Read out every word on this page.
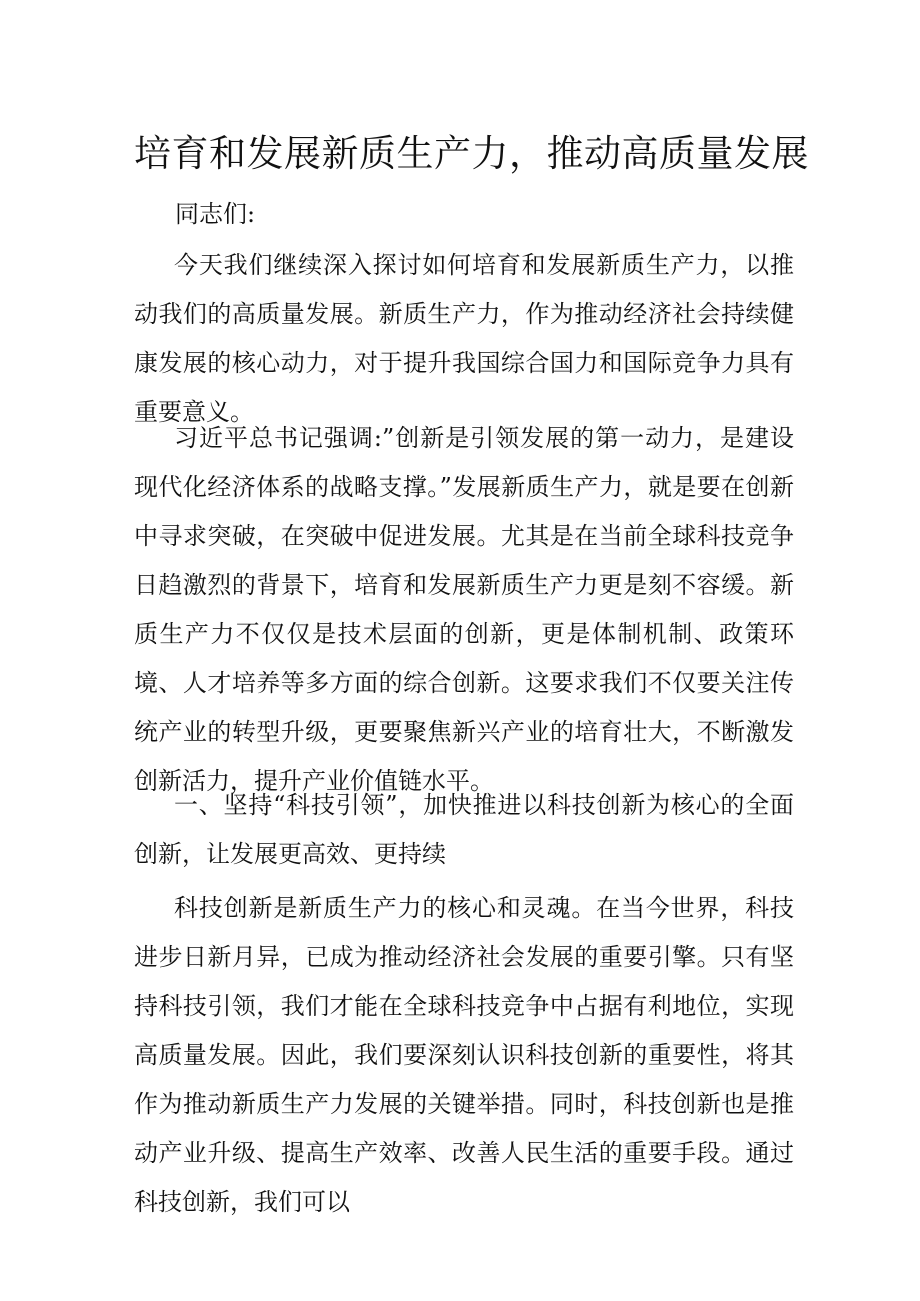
培育和发展新质生产力，推动高质量发展

同志们:

今天我们继续深入探讨如何培育和发展新质生产力，以推动我们的高质量发展。新质生产力，作为推动经济社会持续健康发展的核心动力，对于提升我国综合国力和国际竞争力具有重要意义。

习近平总书记强调:”创新是引领发展的第一动力，是建设现代化经济体系的战略支撑。”发展新质生产力，就是要在创新中寻求突破，在突破中促进发展。尤其是在当前全球科技竞争日趋激烈的背景下，培育和发展新质生产力更是刻不容缓。新质生产力不仅仅是技术层面的创新，更是体制机制、政策环境、人才培养等多方面的综合创新。这要求我们不仅要关注传统产业的转型升级，更要聚焦新兴产业的培育壮大，不断激发创新活力，提升产业价值链水平。

一、坚持“科技引领”，加快推进以科技创新为核心的全面创新，让发展更高效、更持续

科技创新是新质生产力的核心和灵魂。在当今世界，科技进步日新月异，已成为推动经济社会发展的重要引擎。只有坚持科技引领，我们才能在全球科技竞争中占据有利地位，实现高质量发展。因此，我们要深刻认识科技创新的重要性，将其作为推动新质生产力发展的关键举措。同时，科技创新也是推动产业升级、提高生产效率、改善人民生活的重要手段。通过科技创新，我们可以
